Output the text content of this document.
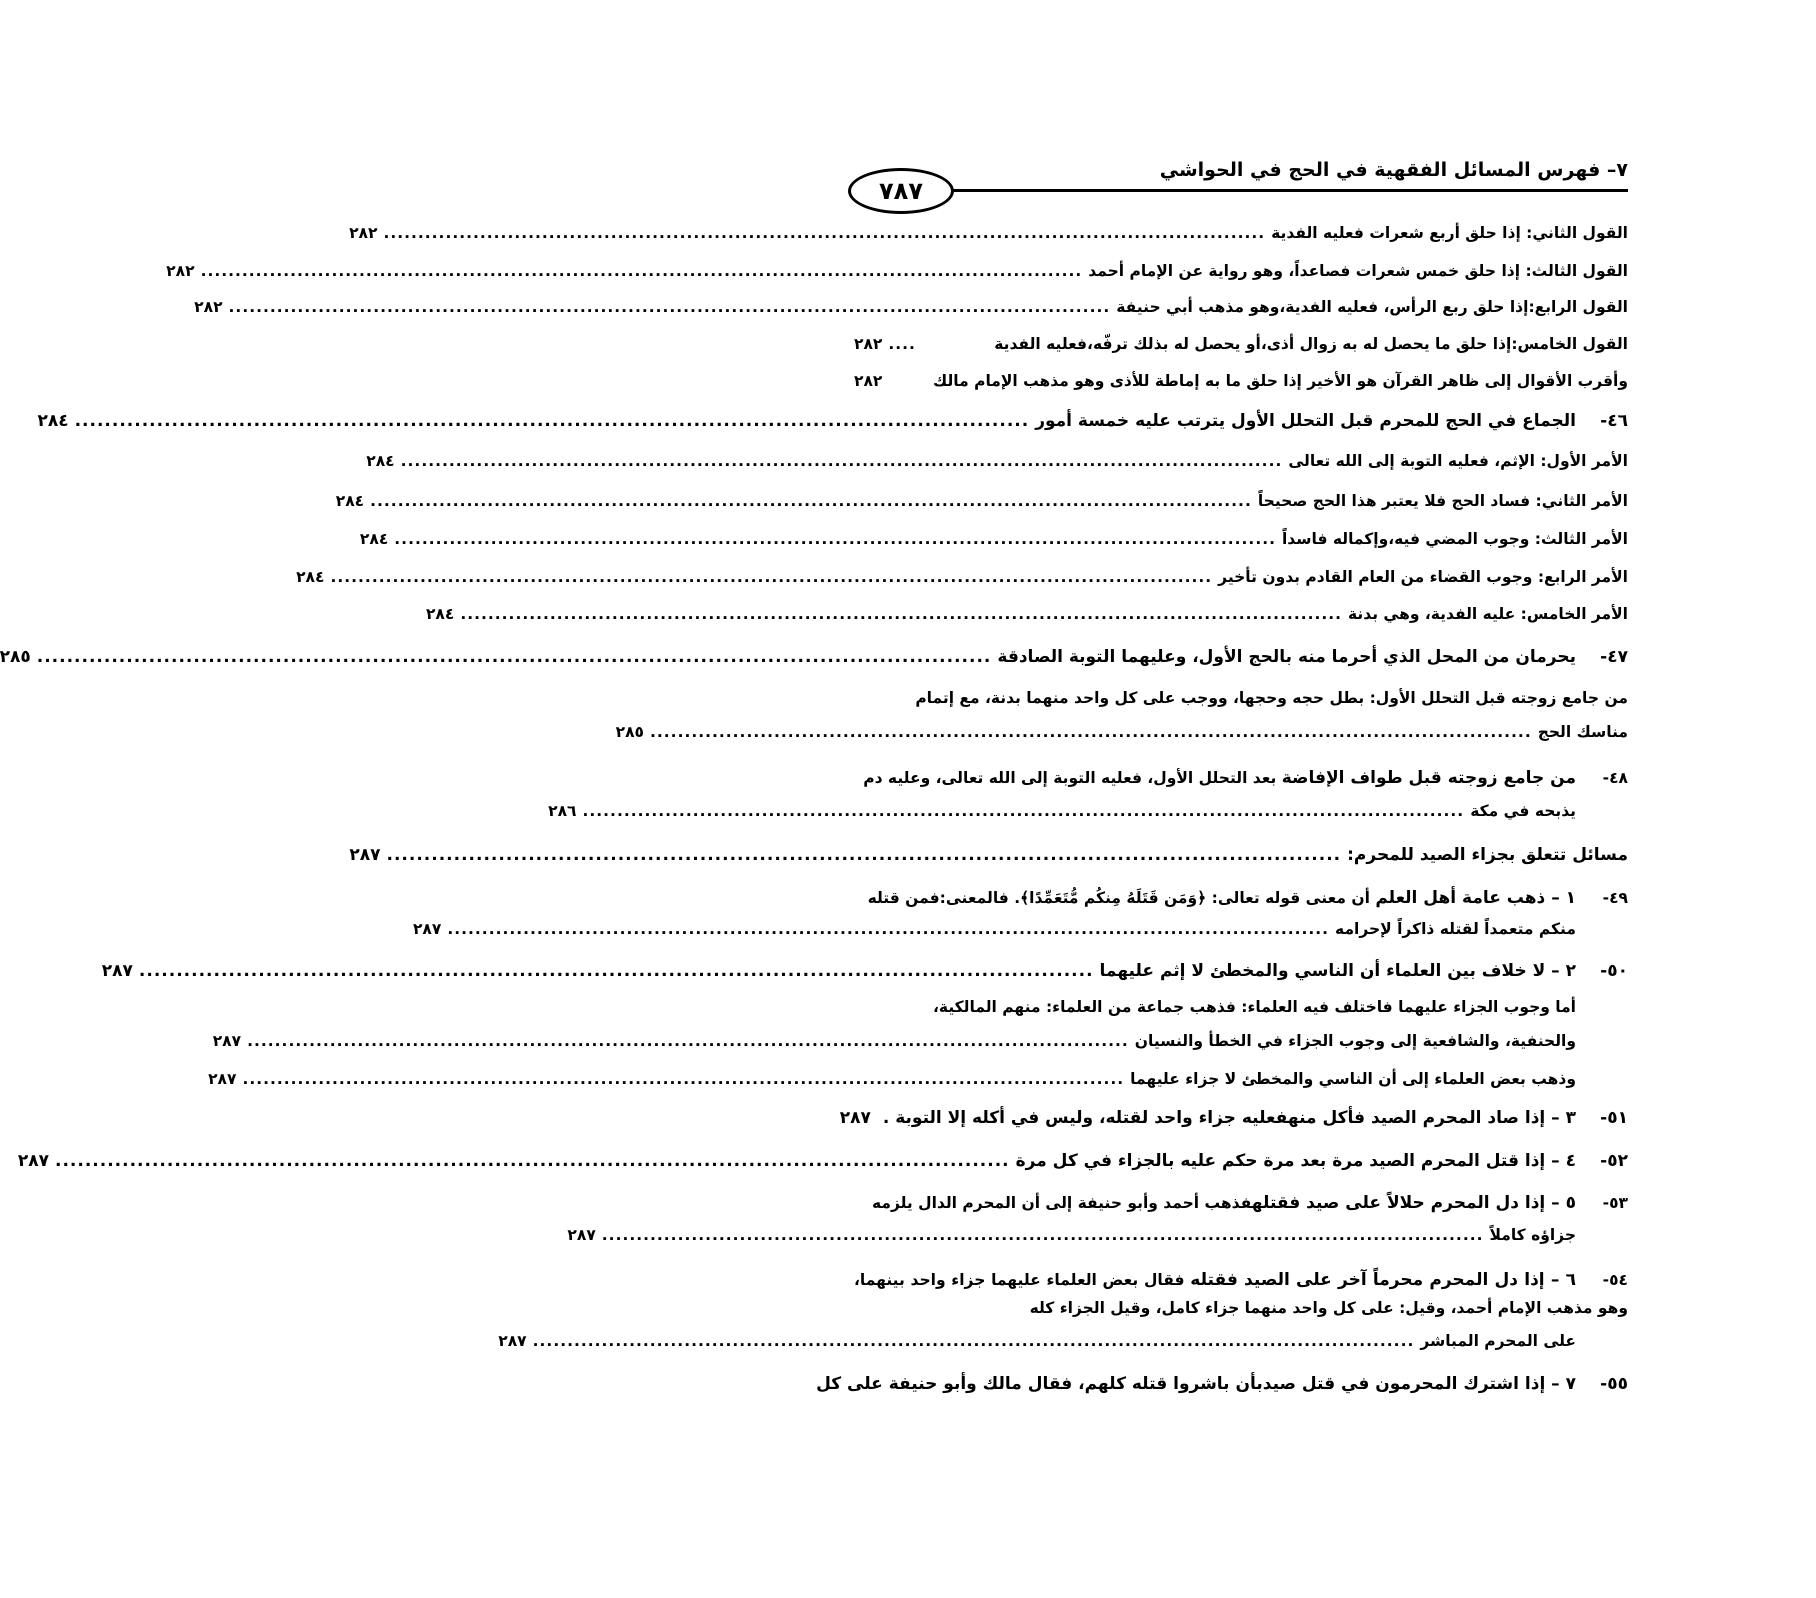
٧– فهرس المسائل الفقهية في الحج في الحواشي
٧٨٧
القول الثاني: إذا حلق أربع شعرات فعليه الفدية
................................................................................................................................
٢٨٢
القول الثالث: إذا حلق خمس شعرات فصاعداً، وهو رواية عن الإمام أحمد
................................................................................................................................
٢٨٢
القول الرابع:إذا حلق ربع الرأس، فعليه الفدية،وهو مذهب أبي حنيفة
................................................................................................................................
٢٨٢
القول الخامس:إذا حلق ما يحصل له به زوال أذى،أو يحصل له بذلك ترفّه،فعليه الفدية
....
٢٨٢
وأقرب الأقوال إلى ظاهر القرآن هو الأخير إذا حلق ما به إماطة للأذى وهو مذهب الإمام مالك
٢٨٢
٤٦-الجماع في الحج للمحرم قبل التحلل الأول يترتب عليه خمسة أمور
................................................................................................................................
٢٨٤
الأمر الأول: الإثم، فعليه التوبة إلى الله تعالى
................................................................................................................................
٢٨٤
الأمر الثاني: فساد الحج فلا يعتبر هذا الحج صحيحاً
................................................................................................................................
٢٨٤
الأمر الثالث: وجوب المضي فيه،وإكماله فاسداً
................................................................................................................................
٢٨٤
الأمر الرابع: وجوب القضاء من العام القادم بدون تأخير
................................................................................................................................
٢٨٤
الأمر الخامس: عليه الفدية، وهي بدنة
................................................................................................................................
٢٨٤
٤٧-يحرمان من المحل الذي أحرما منه بالحج الأول، وعليهما التوبة الصادقة
................................................................................................................................
٢٨٥
من جامع زوجته قبل التحلل الأول: بطل حجه وحجها، ووجب على كل واحد منهما بدنة، مع إتمام
مناسك الحج
................................................................................................................................
٢٨٥
٤٨-من جامع زوجته قبل طواف الإفاضة بعد التحلل الأول، فعليه التوبة إلى الله تعالى، وعليه دم
يذبحه في مكة
................................................................................................................................
٢٨٦
مسائل تتعلق بجزاء الصيد للمحرم:
................................................................................................................................
٢٨٧
٤٩-١ – ذهب عامة أهل العلم أن معنى قوله تعالى: ﴿وَمَن قَتَلَهُ مِنكُم مُّتَعَمِّدًا﴾. فالمعنى:فمن قتله
منكم متعمداً لقتله ذاكراً لإحرامه
................................................................................................................................
٢٨٧
٥٠-٢ – لا خلاف بين العلماء أن الناسي والمخطئ لا إثم عليهما
................................................................................................................................
٢٨٧
أما وجوب الجزاء عليهما فاختلف فيه العلماء: فذهب جماعة من العلماء: منهم المالكية،
والحنفية، والشافعية إلى وجوب الجزاء في الخطأ والنسيان
................................................................................................................................
٢٨٧
وذهب بعض العلماء إلى أن الناسي والمخطئ لا جزاء عليهما
................................................................................................................................
٢٨٧
٥١-٣ – إذا صاد المحرم الصيد فأكل منهفعليه جزاء واحد لقتله، وليس في أكله إلا التوبة .
٢٨٧
٥٢-٤ – إذا قتل المحرم الصيد مرة بعد مرة حكم عليه بالجزاء في كل مرة
................................................................................................................................
٢٨٧
٥٣-٥ – إذا دل المحرم حلالاً على صيد فقتلهفذهب أحمد وأبو حنيفة إلى أن المحرم الدال يلزمه
جزاؤه كاملاً
................................................................................................................................
٢٨٧
٥٤-٦ – إذا دل المحرم محرماً آخر على الصيد فقتله فقال بعض العلماء عليهما جزاء واحد بينهما، وهو مذهب الإمام أحمد، وقيل: على كل واحد منهما جزاء كامل، وقيل الجزاء كله
على المحرم المباشر
................................................................................................................................
٢٨٧
٥٥-٧ – إذا اشترك المحرمون في قتل صيدبأن باشروا قتله كلهم، فقال مالك وأبو حنيفة على كل
